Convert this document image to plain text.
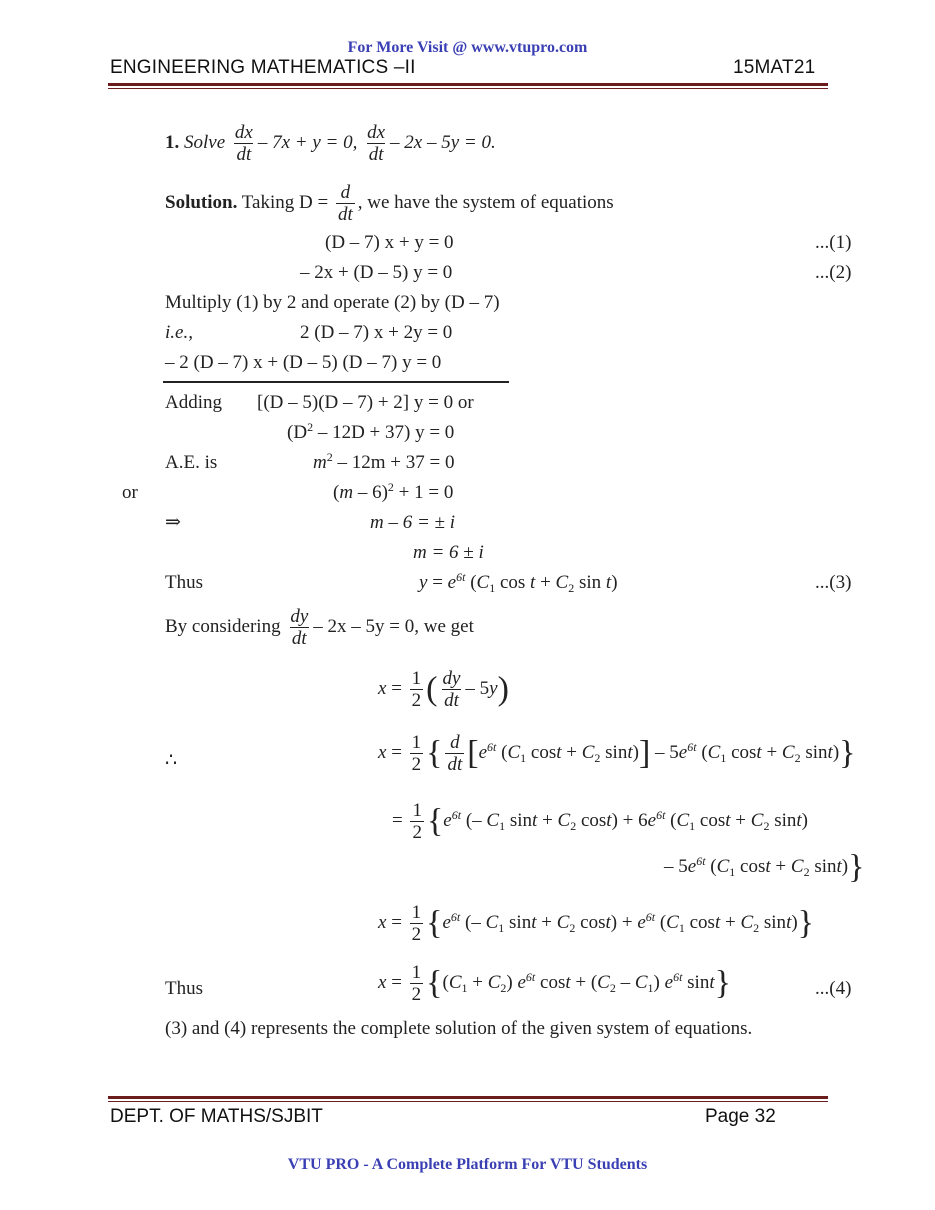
For More Visit @ www.vtupro.com
ENGINEERING MATHEMATICS –II	15MAT21
1. Solve $\frac{dx}{dt} - 7x + y = 0$, $\frac{dx}{dt} - 2x - 5y = 0$.
Solution. Taking $D = \frac{d}{dt}$ , we have the system of equations
(D – 7) x + y = 0	...(1)
– 2x + (D – 5) y = 0	...(2)
Multiply (1) by 2 and operate (2) by (D – 7)
i.e.,	2 (D – 7) x + 2y = 0
– 2 (D – 7) x + (D – 5) (D – 7) y = 0
Adding [(D – 5)(D – 7) + 2] y = 0 or
$(D^2 - 12D + 37) y = 0$
A.E. is	$m^2 - 12m + 37 = 0$
or	(m – 6)$^2$ + 1 = 0
⇒	m – 6 = ± i
m = 6 ± i
Thus	$y = e^{6t}$ ($C_1$ $\cos t + C_2$ sin t)	...(3)
By considering $\frac{dy}{dt} - 2x - 5y = 0$, we get
$x = \frac{1}{2}$ ( $\frac{dy}{dt} - 5y$)
∴	$x = \frac{1}{2}$ { $\frac{d}{dt} [e^{6t}$ ($C_1$ $\cos t + C_2$ $\sin t)] - 5e^{6t}$ ($C_1$ $\cos t + C_2$ sint)}
= $\frac{1}{2} \{e^{6t}$ (– $C_1$ $\sin t + C_2$ $\cos t) + 6e^{6t}$ ($C_1$ $\cos t + C_2$ sint)
– $5e^{6t}$ ($C_1$ $\cos t + C_2$ sint)}
$x = \frac{1}{2} \{e^{6t}$ (– $C_1$ $\sin t + C_2$ $\cos t) + e^{6t}$ ($C_1$ $\cos t + C_2$ sint)}
Thus	$x = \frac{1}{2} \{(C_1 + C_2)$ $e^{6t}$ $\cos t + (C_2 - C_1)$ $e^{6t}$ sint}	...(4)
(3) and (4) represents the complete solution of the given system of equations.
DEPT. OF MATHS/SJBIT	Page 32
VTU PRO - A Complete Platform For VTU Students
